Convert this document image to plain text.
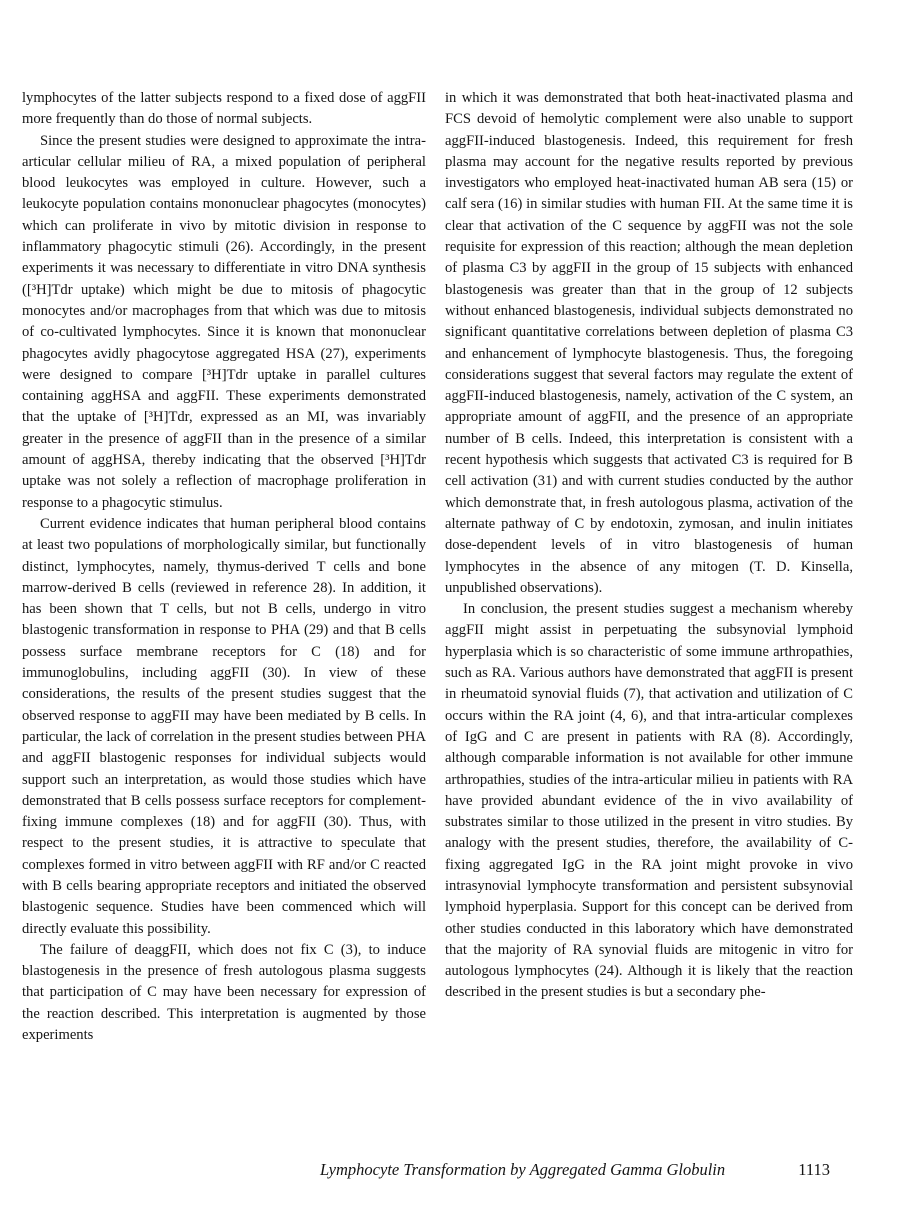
lymphocytes of the latter subjects respond to a fixed dose of aggFII more frequently than do those of normal subjects.

Since the present studies were designed to approximate the intra-articular cellular milieu of RA, a mixed population of peripheral blood leukocytes was employed in culture. However, such a leukocyte population contains mononuclear phagocytes (monocytes) which can proliferate in vivo by mitotic division in response to inflammatory phagocytic stimuli (26). Accordingly, in the present experiments it was necessary to differentiate in vitro DNA synthesis ([³H]Tdr uptake) which might be due to mitosis of phagocytic monocytes and/or macrophages from that which was due to mitosis of co-cultivated lymphocytes. Since it is known that mononuclear phagocytes avidly phagocytose aggregated HSA (27), experiments were designed to compare [³H]Tdr uptake in parallel cultures containing aggHSA and aggFII. These experiments demonstrated that the uptake of [³H]Tdr, expressed as an MI, was invariably greater in the presence of aggFII than in the presence of a similar amount of aggHSA, thereby indicating that the observed [³H]Tdr uptake was not solely a reflection of macrophage proliferation in response to a phagocytic stimulus.

Current evidence indicates that human peripheral blood contains at least two populations of morphologically similar, but functionally distinct, lymphocytes, namely, thymus-derived T cells and bone marrow-derived B cells (reviewed in reference 28). In addition, it has been shown that T cells, but not B cells, undergo in vitro blastogenic transformation in response to PHA (29) and that B cells possess surface membrane receptors for C (18) and for immunoglobulins, including aggFII (30). In view of these considerations, the results of the present studies suggest that the observed response to aggFII may have been mediated by B cells. In particular, the lack of correlation in the present studies between PHA and aggFII blastogenic responses for individual subjects would support such an interpretation, as would those studies which have demonstrated that B cells possess surface receptors for complement-fixing immune complexes (18) and for aggFII (30). Thus, with respect to the present studies, it is attractive to speculate that complexes formed in vitro between aggFII with RF and/or C reacted with B cells bearing appropriate receptors and initiated the observed blastogenic sequence. Studies have been commenced which will directly evaluate this possibility.

The failure of deaggFII, which does not fix C (3), to induce blastogenesis in the presence of fresh autologous plasma suggests that participation of C may have been necessary for expression of the reaction described. This interpretation is augmented by those experiments

in which it was demonstrated that both heat-inactivated plasma and FCS devoid of hemolytic complement were also unable to support aggFII-induced blastogenesis. Indeed, this requirement for fresh plasma may account for the negative results reported by previous investigators who employed heat-inactivated human AB sera (15) or calf sera (16) in similar studies with human FII. At the same time it is clear that activation of the C sequence by aggFII was not the sole requisite for expression of this reaction; although the mean depletion of plasma C3 by aggFII in the group of 15 subjects with enhanced blastogenesis was greater than that in the group of 12 subjects without enhanced blastogenesis, individual subjects demonstrated no significant quantitative correlations between depletion of plasma C3 and enhancement of lymphocyte blastogenesis. Thus, the foregoing considerations suggest that several factors may regulate the extent of aggFII-induced blastogenesis, namely, activation of the C system, an appropriate amount of aggFII, and the presence of an appropriate number of B cells. Indeed, this interpretation is consistent with a recent hypothesis which suggests that activated C3 is required for B cell activation (31) and with current studies conducted by the author which demonstrate that, in fresh autologous plasma, activation of the alternate pathway of C by endotoxin, zymosan, and inulin initiates dose-dependent levels of in vitro blastogenesis of human lymphocytes in the absence of any mitogen (T. D. Kinsella, unpublished observations).

In conclusion, the present studies suggest a mechanism whereby aggFII might assist in perpetuating the subsynovial lymphoid hyperplasia which is so characteristic of some immune arthropathies, such as RA. Various authors have demonstrated that aggFII is present in rheumatoid synovial fluids (7), that activation and utilization of C occurs within the RA joint (4, 6), and that intra-articular complexes of IgG and C are present in patients with RA (8). Accordingly, although comparable information is not available for other immune arthropathies, studies of the intra-articular milieu in patients with RA have provided abundant evidence of the in vivo availability of substrates similar to those utilized in the present in vitro studies. By analogy with the present studies, therefore, the availability of C-fixing aggregated IgG in the RA joint might provoke in vivo intrasynovial lymphocyte transformation and persistent subsynovial lymphoid hyperplasia. Support for this concept can be derived from other studies conducted in this laboratory which have demonstrated that the majority of RA synovial fluids are mitogenic in vitro for autologous lymphocytes (24). Although it is likely that the reaction described in the present studies is but a secondary phe-

Lymphocyte Transformation by Aggregated Gamma Globulin	1113
